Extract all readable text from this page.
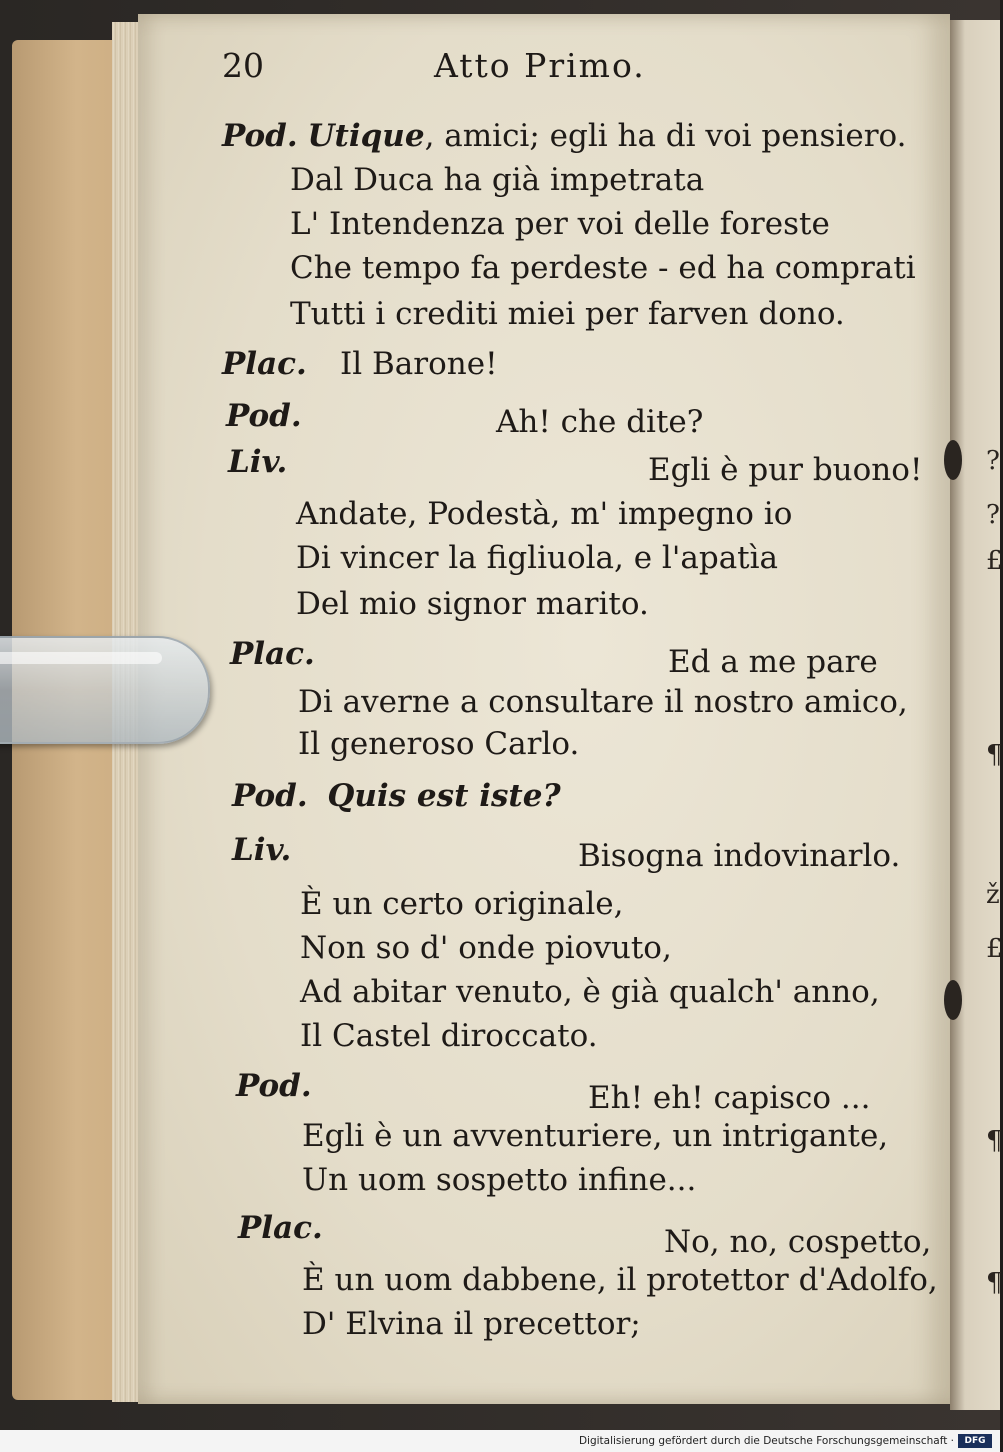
20	Atto Primo.
Pod. Utique, amici; egli ha di voi pensiero.
Dal Duca ha già impetrata
L' Intendenza per voi delle foreste
Che tempo fa perdeste - ed ha comprati
Tutti i crediti miei per farven dono.
Plac. Il Barone!
Pod.	Ah! che dite?
Liv.	Egli è pur buono!
Andate, Podestà, m' impegno io
Di vincer la figliuola, e l'apatìa
Del mio signor marito.
Plac.	Ed a me pare
Di averne a consultare il nostro amico,
Il generoso Carlo.
Pod. Quis est iste?
Liv.	Bisogna indovinarlo.
È un certo originale,
Non so d' onde piovuto,
Ad abitar venuto, è già qualch' anno,
Il Castel diroccato.
Pod.	Eh! eh! capisco ...
Egli è un avventuriere, un intrigante,
Un uom sospetto infine...
Plac.	No, no, cospetto,
È un uom dabbene, il protettor d'Adolfo,
D' Elvina il precettor;
?
?
£
¶
ž
£
¶
¶
Digitalisierung gefördert durch die Deutsche Forschungsgemeinschaft ·	DFG
